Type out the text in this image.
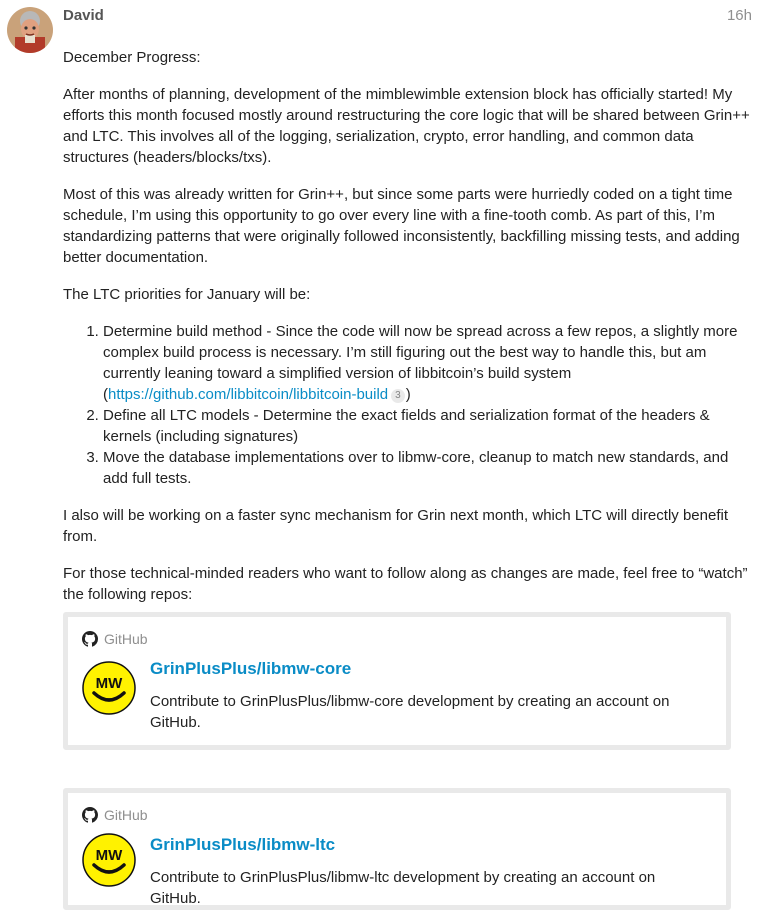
David	16h

December Progress:

After months of planning, development of the mimblewimble extension block has officially started! My efforts this month focused mostly around restructuring the core logic that will be shared between Grin++ and LTC. This involves all of the logging, serialization, crypto, error handling, and common data structures (headers/blocks/txs).

Most of this was already written for Grin++, but since some parts were hurriedly coded on a tight time schedule, I’m using this opportunity to go over every line with a fine-tooth comb. As part of this, I’m standardizing patterns that were originally followed inconsistently, backfilling missing tests, and adding better documentation.

The LTC priorities for January will be:

1. Determine build method - Since the code will now be spread across a few repos, a slightly more complex build process is necessary. I’m still figuring out the best way to handle this, but am currently leaning toward a simplified version of libbitcoin’s build system (https://github.com/libbitcoin/libbitcoin-build 3 )
2. Define all LTC models - Determine the exact fields and serialization format of the headers & kernels (including signatures)
3. Move the database implementations over to libmw-core, cleanup to match new standards, and add full tests.

I also will be working on a faster sync mechanism for Grin next month, which LTC will directly benefit from.

For those technical-minded readers who want to follow along as changes are made, feel free to “watch” the following repos:

GitHub
MW
GrinPlusPlus/libmw-core
Contribute to GrinPlusPlus/libmw-core development by creating an account on GitHub.
GitHub
MW
GrinPlusPlus/libmw-ltc
Contribute to GrinPlusPlus/libmw-ltc development by creating an account on GitHub.
